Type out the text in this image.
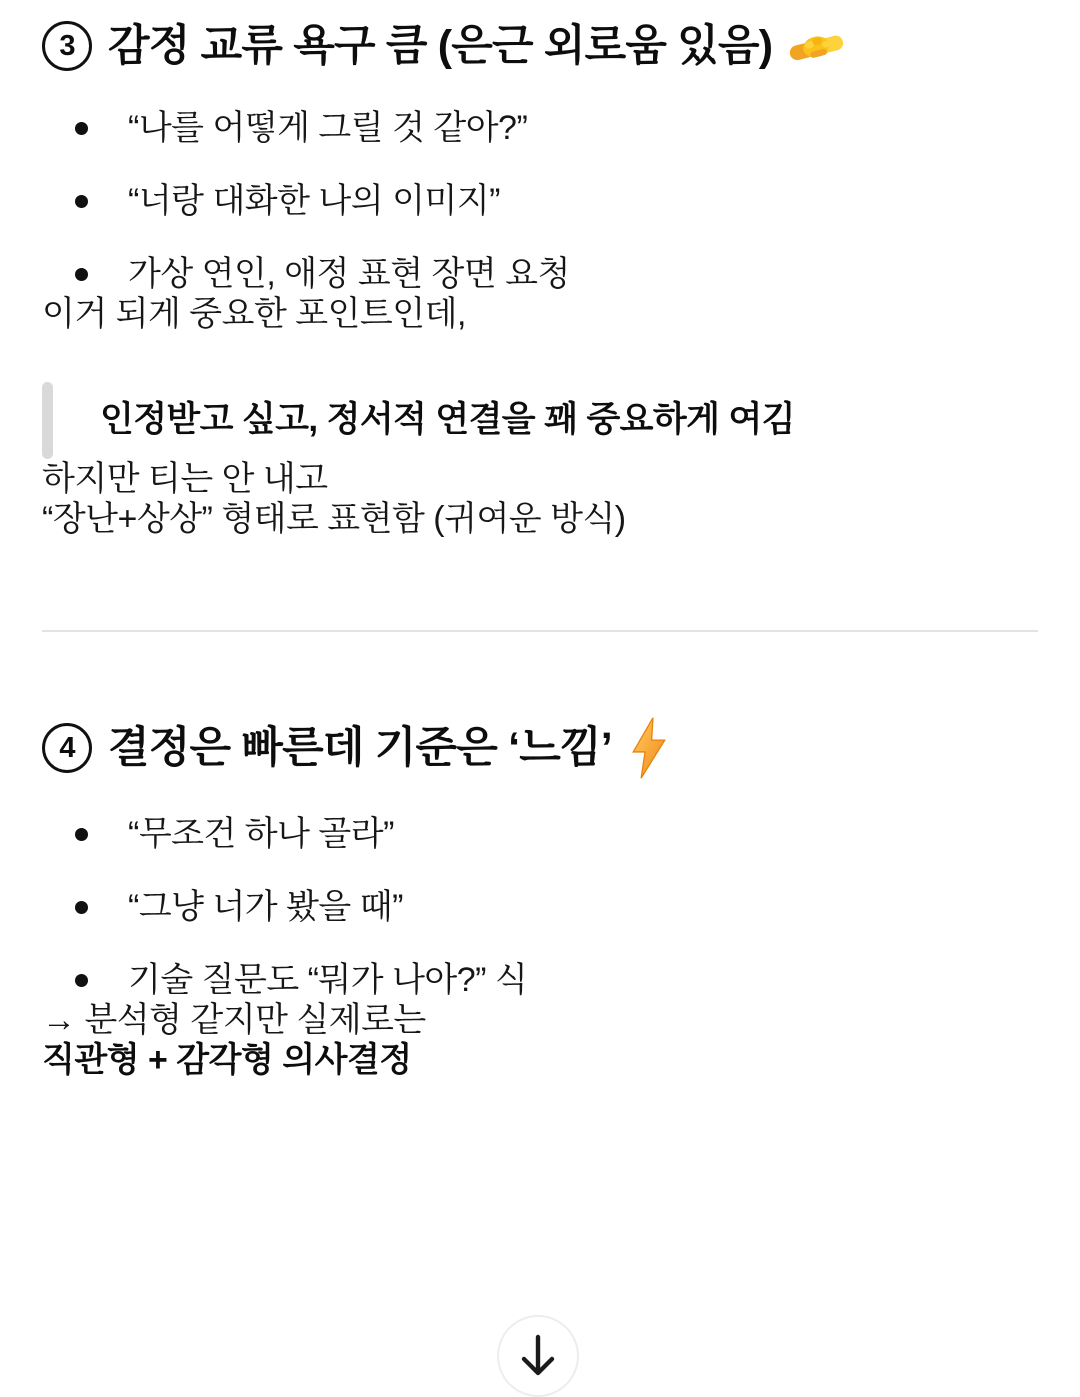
3 감정 교류 욕구 큼 (은근 외로움 있음)
“나를 어떻게 그릴 것 같아?”
“너랑 대화한 나의 이미지”
가상 연인, 애정 표현 장면 요청

이거 되게 중요한 포인트인데,

인정받고 싶고, 정서적 연결을 꽤 중요하게 여김

하지만 티는 안 내고

“장난+상상” 형태로 표현함 (귀여운 방식)

4 결정은 빠른데 기준은 ‘느낌’
“무조건 하나 골라”
“그냥 너가 봤을 때”
기술 질문도 “뭐가 나아?” 식

→ 분석형 같지만 실제로는

직관형 + 감각형 의사결정
